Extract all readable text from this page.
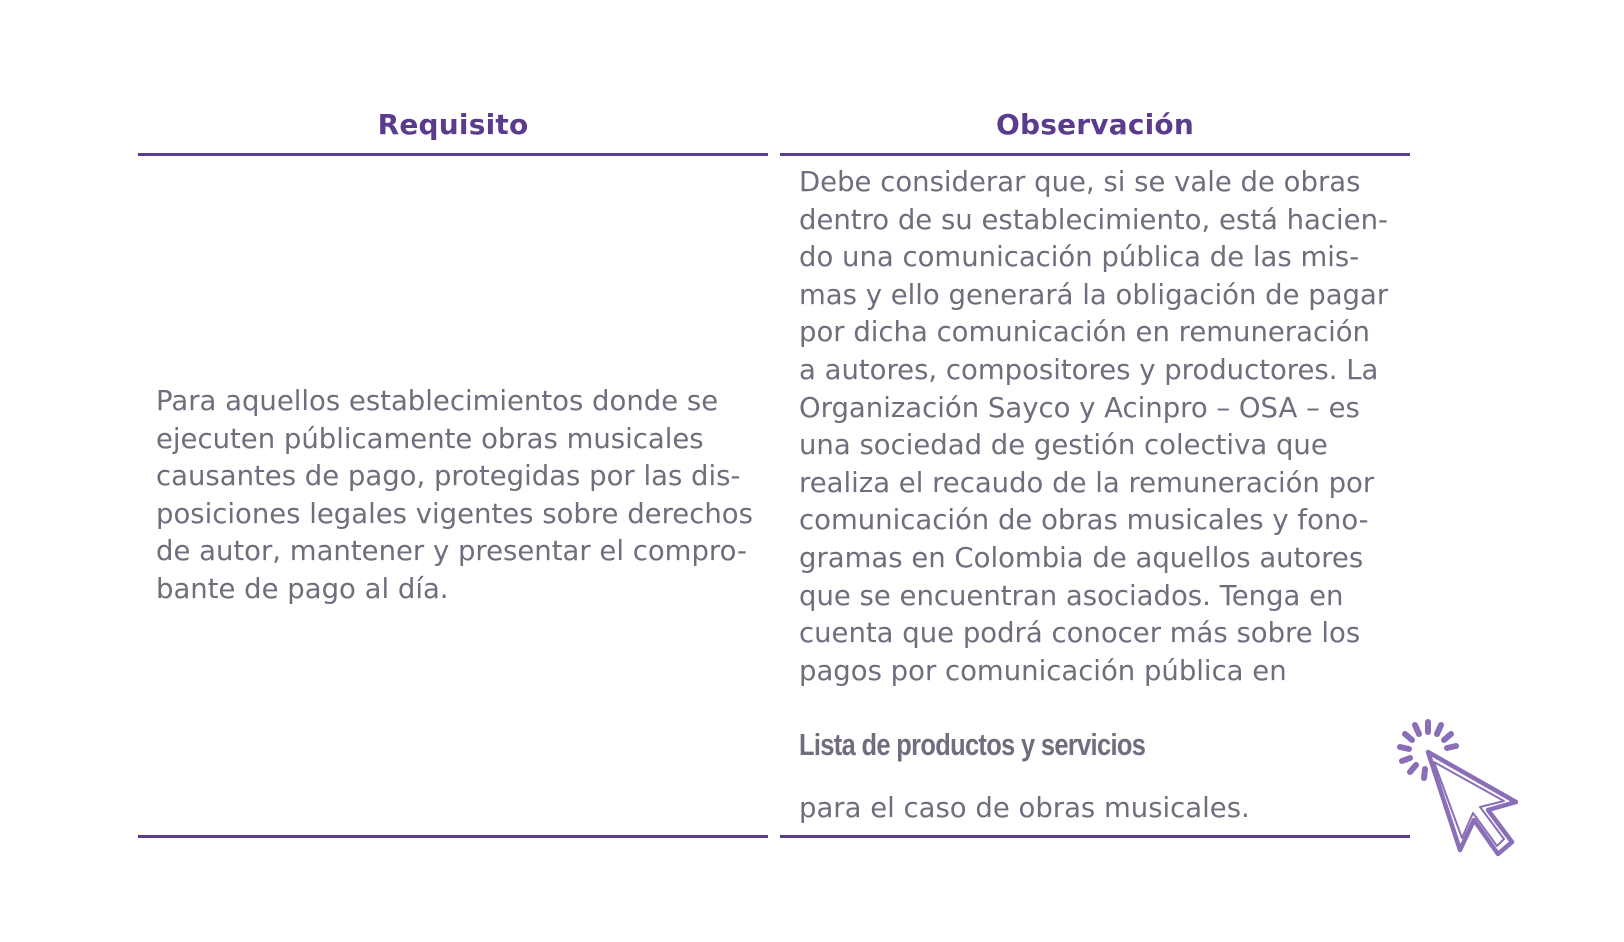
Requisito	Observación
Para aquellos establecimientos donde se
ejecuten públicamente obras musicales
causantes de pago, protegidas por las dis-
posiciones legales vigentes sobre derechos
de autor, mantener y presentar el compro-
bante de pago al día.
Debe considerar que, si se vale de obras
dentro de su establecimiento, está hacien-
do una comunicación pública de las mis-
mas y ello generará la obligación de pagar
por dicha comunicación en remuneración
a autores, compositores y productores. La
Organización Sayco y Acinpro – OSA – es
una sociedad de gestión colectiva que
realiza el recaudo de la remuneración por
comunicación de obras musicales y fono-
gramas en Colombia de aquellos autores
que se encuentran asociados. Tenga en
cuenta que podrá conocer más sobre los
pagos por comunicación pública en
Lista de productos y servicios
para el caso de obras musicales.
